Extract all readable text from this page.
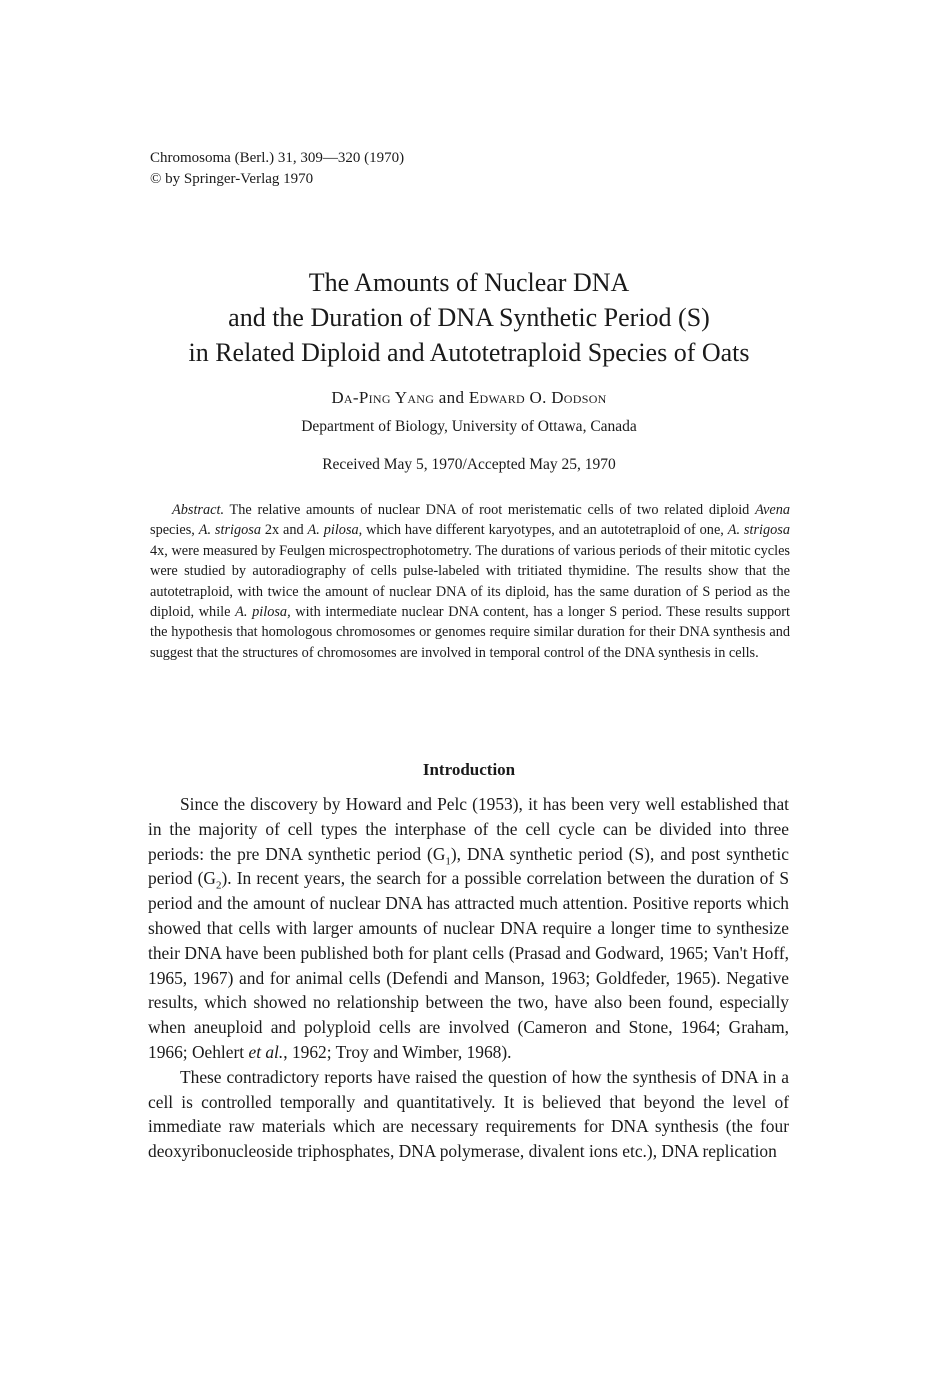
Chromosoma (Berl.) 31, 309—320 (1970)
© by Springer-Verlag 1970
The Amounts of Nuclear DNA
and the Duration of DNA Synthetic Period (S)
in Related Diploid and Autotetraploid Species of Oats
Da-Ping Yang and Edward O. Dodson
Department of Biology, University of Ottawa, Canada
Received May 5, 1970/Accepted May 25, 1970
Abstract. The relative amounts of nuclear DNA of root meristematic cells of two related diploid Avena species, A. strigosa 2x and A. pilosa, which have different karyotypes, and an autotetraploid of one, A. strigosa 4x, were measured by Feulgen microspectrophotometry. The durations of various periods of their mitotic cycles were studied by autoradiography of cells pulse-labeled with tritiated thymidine. The results show that the autotetraploid, with twice the amount of nuclear DNA of its diploid, has the same duration of S period as the diploid, while A. pilosa, with intermediate nuclear DNA content, has a longer S period. These results support the hypothesis that homologous chromosomes or genomes require similar duration for their DNA synthesis and suggest that the structures of chromosomes are involved in temporal control of the DNA synthesis in cells.
Introduction

Since the discovery by Howard and Pelc (1953), it has been very well established that in the majority of cell types the interphase of the cell cycle can be divided into three periods: the pre DNA synthetic period $(G_1)$, DNA synthetic period (S), and post synthetic period $(G_2)$. In recent years, the search for a possible correlation between the duration of S period and the amount of nuclear DNA has attracted much attention. Positive reports which showed that cells with larger amounts of nuclear DNA require a longer time to synthesize their DNA have been published both for plant cells (Prasad and Godward, 1965; Van't Hoff, 1965, 1967) and for animal cells (Defendi and Manson, 1963; Goldfeder, 1965). Negative results, which showed no relationship between the two, have also been found, especially when aneuploid and polyploid cells are involved (Cameron and Stone, 1964; Graham, 1966; Oehlert et al., 1962; Troy and Wimber, 1968).

These contradictory reports have raised the question of how the synthesis of DNA in a cell is controlled temporally and quantitatively. It is believed that beyond the level of immediate raw materials which are necessary requirements for DNA synthesis (the four deoxyribonucleoside triphosphates, DNA polymerase, divalent ions etc.), DNA replication
